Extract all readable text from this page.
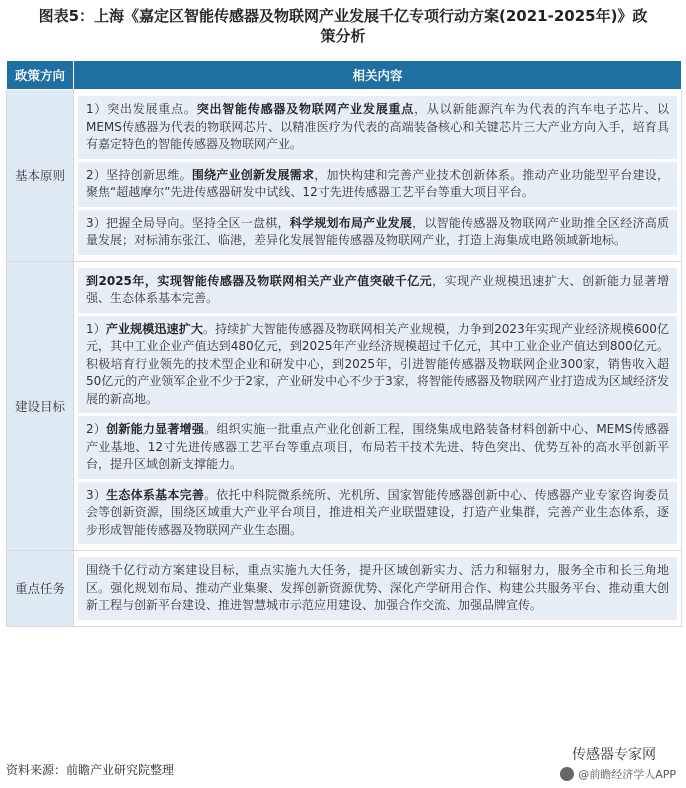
图表5：上海《嘉定区智能传感器及物联网产业发展千亿专项行动方案(2021-2025年)》政
策分析
政策方向	相关内容
基本原则	1）突出发展重点。突出智能传感器及物联网产业发展重点，从以新能源汽车为代表的汽车电子芯片、以MEMS传感器为代表的物联网芯片、以精准医疗为代表的高端装备核心和关键芯片三大产业方向入手，培育具有嘉定特色的智能传感器及物联网产业。
2）坚持创新思维。围绕产业创新发展需求，加快构建和完善产业技术创新体系。推动产业功能型平台建设，聚焦“超越摩尔”先进传感器研发中试线、12寸先进传感器工艺平台等重大项目平台。
3）把握全局导向。坚持全区一盘棋，科学规划布局产业发展，以智能传感器及物联网产业助推全区经济高质量发展；对标浦东张江、临港，差异化发展智能传感器及物联网产业，打造上海集成电路领域新地标。

建设目标	到2025年，实现智能传感器及物联网相关产业产值突破千亿元，实现产业规模迅速扩大、创新能力显著增强、生态体系基本完善。
1）产业规模迅速扩大。持续扩大智能传感器及物联网相关产业规模，力争到2023年实现产业经济规模600亿元，其中工业企业产值达到480亿元，到2025年产业经济规模超过千亿元，其中工业企业产值达到800亿元。积极培育行业领先的技术型企业和研发中心，到2025年，引进智能传感器及物联网企业300家，销售收入超50亿元的产业领军企业不少于2家，产业研发中心不少于3家，将智能传感器及物联网产业打造成为区域经济发展的新高地。
2）创新能力显著增强。组织实施一批重点产业化创新工程，围绕集成电路装备材料创新中心、MEMS传感器产业基地、12寸先进传感器工艺平台等重点项目，布局若干技术先进、特色突出、优势互补的高水平创新平台，提升区域创新支撑能力。
3）生态体系基本完善。依托中科院微系统所、光机所、国家智能传感器创新中心、传感器产业专家咨询委员会等创新资源，围绕区域重大产业平台项目，推进相关产业联盟建设，打造产业集群，完善产业生态体系，逐步形成智能传感器及物联网产业生态圈。

重点任务	围绕千亿行动方案建设目标，重点实施九大任务，提升区域创新实力、活力和辐射力，服务全市和长三角地区。强化规划布局、推动产业集聚、发挥创新资源优势、深化产学研用合作、构建公共服务平台、推动重大创新工程与创新平台建设、推进智慧城市示范应用建设、加强合作交流、加强品牌宣传。
资料来源：前瞻产业研究院整理
传感器专家网
@前瞻经济学人APP
